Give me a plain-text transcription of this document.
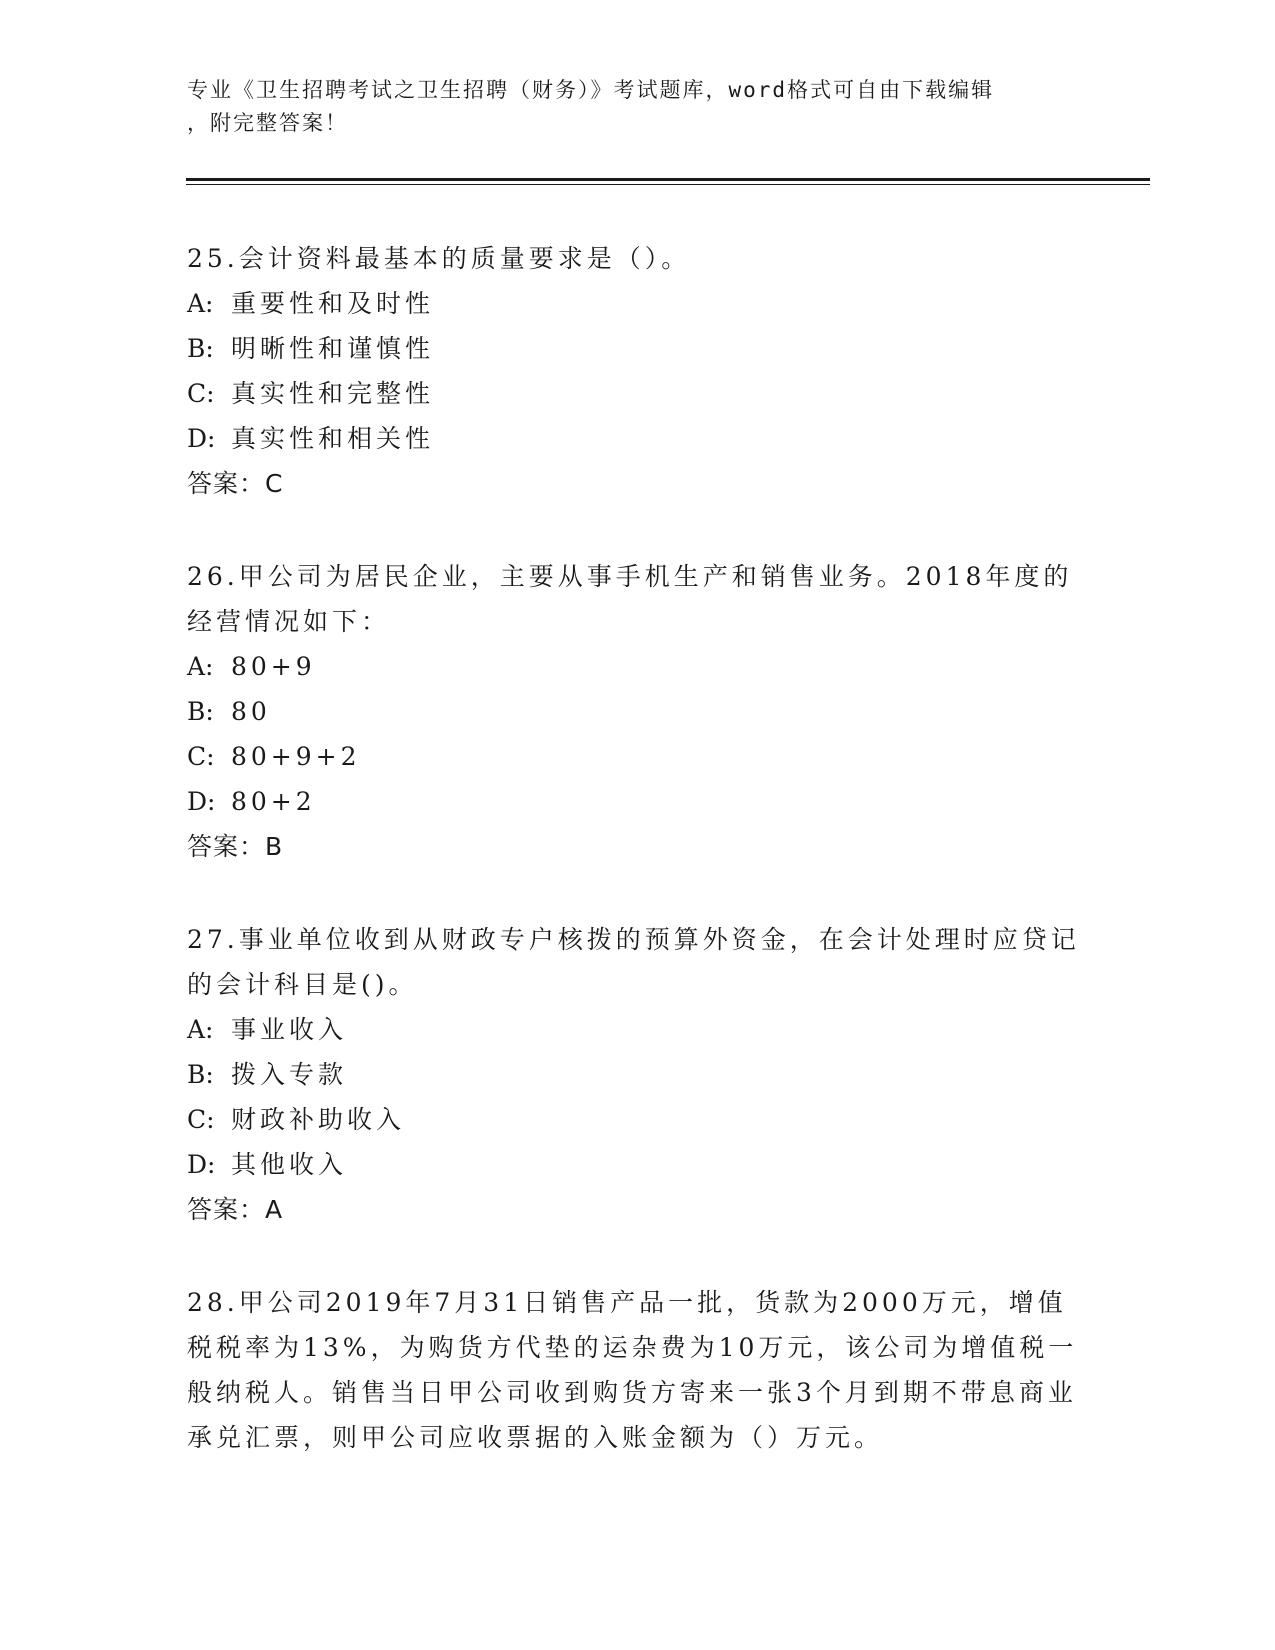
专业《卫生招聘考试之卫生招聘（财务）》考试题库，word格式可自由下载编辑
，附完整答案！

25.会计资料最基本的质量要求是（）。

A: 重要性和及时性
B: 明晰性和谨慎性
C: 真实性和完整性
D: 真实性和相关性
答案：C

26.甲公司为居民企业，主要从事手机生产和销售业务。2018年度的经营情况如下：

A: 80+9
B: 80
C: 80+9+2
D: 80+2
答案：B

27.事业单位收到从财政专户核拨的预算外资金，在会计处理时应贷记的会计科目是()。

A: 事业收入
B: 拨入专款
C: 财政补助收入
D: 其他收入
答案：A

28.甲公司2019年7月31日销售产品一批，货款为2000万元，增值税税率为13%，为购货方代垫的运杂费为10万元，该公司为增值税一般纳税人。销售当日甲公司收到购货方寄来一张3个月到期不带息商业承兑汇票，则甲公司应收票据的入账金额为（）万元。
